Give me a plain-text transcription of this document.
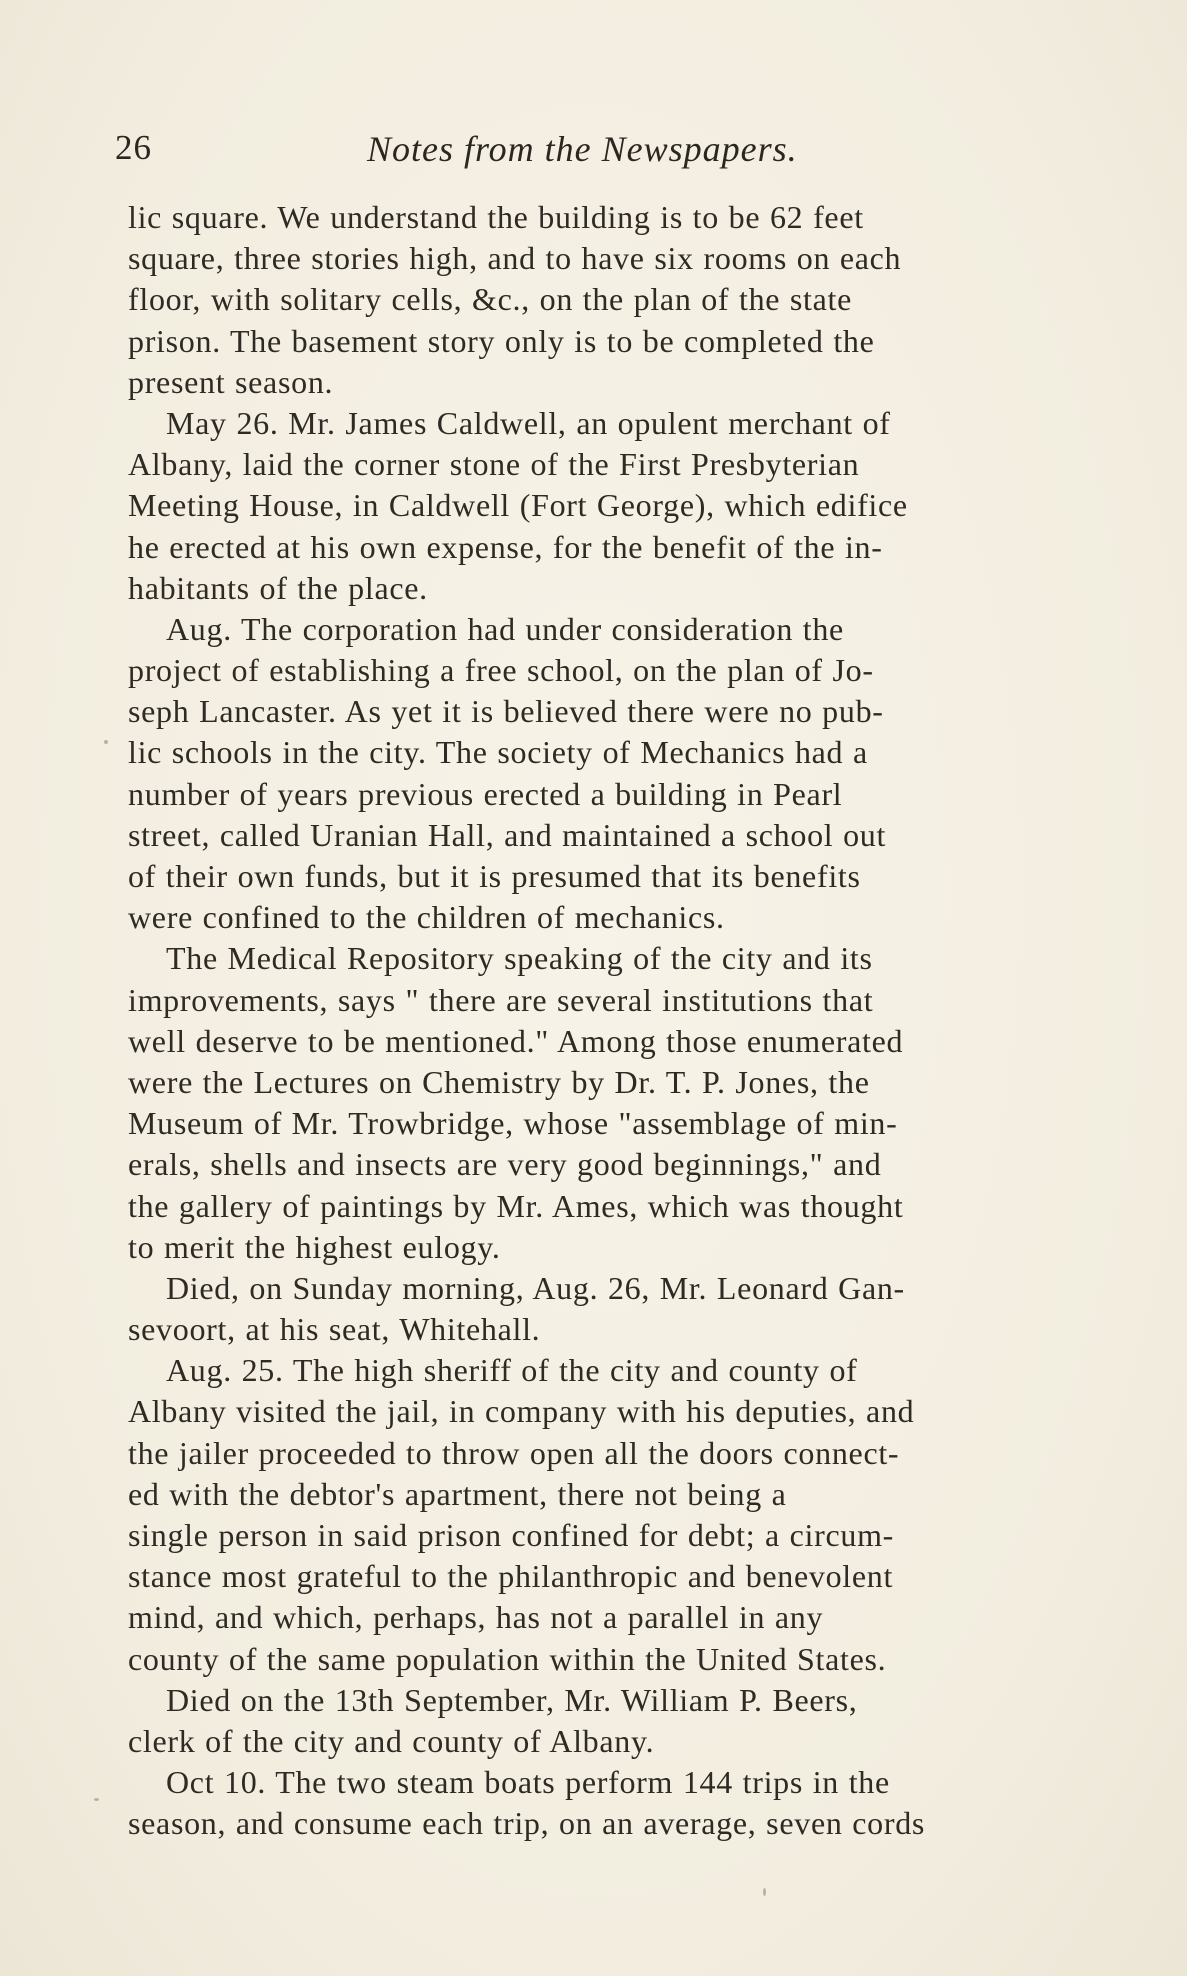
26	Notes from the Newspapers.
lic square. We understand the building is to be 62 feet
square, three stories high, and to have six rooms on each
floor, with solitary cells, &c., on the plan of the state
prison. The basement story only is to be completed the
present season.
May 26. Mr. James Caldwell, an opulent merchant of
Albany, laid the corner stone of the First Presbyterian
Meeting House, in Caldwell (Fort George), which edifice
he erected at his own expense, for the benefit of the in-
habitants of the place.
Aug. The corporation had under consideration the
project of establishing a free school, on the plan of Jo-
seph Lancaster. As yet it is believed there were no pub-
lic schools in the city. The society of Mechanics had a
number of years previous erected a building in Pearl
street, called Uranian Hall, and maintained a school out
of their own funds, but it is presumed that its benefits
were confined to the children of mechanics.
The Medical Repository speaking of the city and its
improvements, says " there are several institutions that
well deserve to be mentioned." Among those enumerated
were the Lectures on Chemistry by Dr. T. P. Jones, the
Museum of Mr. Trowbridge, whose "assemblage of min-
erals, shells and insects are very good beginnings," and
the gallery of paintings by Mr. Ames, which was thought
to merit the highest eulogy.
Died, on Sunday morning, Aug. 26, Mr. Leonard Gan-
sevoort, at his seat, Whitehall.
Aug. 25. The high sheriff of the city and county of
Albany visited the jail, in company with his deputies, and
the jailer proceeded to throw open all the doors connect-
ed with the debtor's apartment, there not being a
single person in said prison confined for debt; a circum-
stance most grateful to the philanthropic and benevolent
mind, and which, perhaps, has not a parallel in any
county of the same population within the United States.
Died on the 13th September, Mr. William P. Beers,
clerk of the city and county of Albany.
Oct 10. The two steam boats perform 144 trips in the
season, and consume each trip, on an average, seven cords
